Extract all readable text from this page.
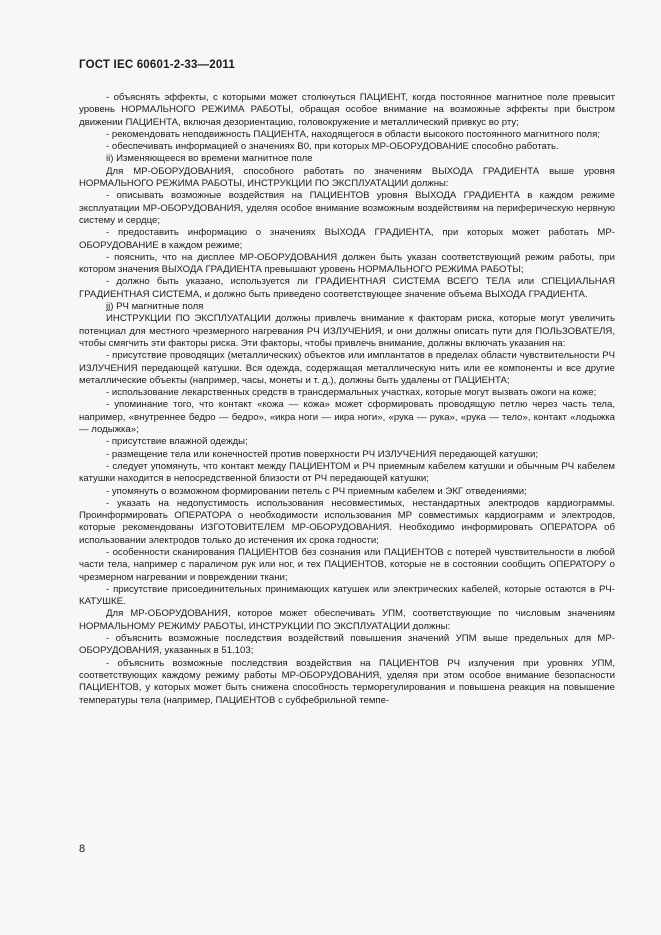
ГОСТ IEC 60601-2-33—2011

- объяснять эффекты, с которыми может столкнуться ПАЦИЕНТ, когда постоянное магнитное поле превысит уровень НОРМАЛЬНОГО РЕЖИМА РАБОТЫ, обращая особое внимание на возможные эффекты при быстром движении ПАЦИЕНТА, включая дезориентацию, головокружение и металлический привкус во рту;

- рекомендовать неподвижность ПАЦИЕНТА, находящегося в области высокого постоянного магнитного поля;

- обеспечивать информацией о значениях B0, при которых МР-ОБОРУДОВАНИЕ способно работать.

ii) Изменяющееся во времени магнитное поле

Для МР-ОБОРУДОВАНИЯ, способного работать по значениям ВЫХОДА ГРАДИЕНТА выше уровня НОРМАЛЬНОГО РЕЖИМА РАБОТЫ, ИНСТРУКЦИИ ПО ЭКСПЛУАТАЦИИ должны:

- описывать возможные воздействия на ПАЦИЕНТОВ уровня ВЫХОДА ГРАДИЕНТА в каждом режиме эксплуатации МР-ОБОРУДОВАНИЯ, уделяя особое внимание возможным воздействиям на периферическую нервную систему и сердце;

- предоставить информацию о значениях ВЫХОДА ГРАДИЕНТА, при которых может работать МР-ОБОРУДОВАНИЕ в каждом режиме;

- пояснить, что на дисплее МР-ОБОРУДОВАНИЯ должен быть указан соответствующий режим работы, при котором значения ВЫХОДА ГРАДИЕНТА превышают уровень НОРМАЛЬНОГО РЕЖИМА РАБОТЫ;

- должно быть указано, используется ли ГРАДИЕНТНАЯ СИСТЕМА ВСЕГО ТЕЛА или СПЕЦИАЛЬНАЯ ГРАДИЕНТНАЯ СИСТЕМА, и должно быть приведено соответствующее значение объема ВЫХОДА ГРАДИЕНТА.

jj) РЧ магнитные поля

ИНСТРУКЦИИ ПО ЭКСПЛУАТАЦИИ должны привлечь внимание к факторам риска, которые могут увеличить потенциал для местного чрезмерного нагревания РЧ ИЗЛУЧЕНИЯ, и они должны описать пути для ПОЛЬЗОВАТЕЛЯ, чтобы смягчить эти факторы риска. Эти факторы, чтобы привлечь внимание, должны включать указания на:

- присутствие проводящих (металлических) объектов или имплантатов в пределах области чувствительности РЧ ИЗЛУЧЕНИЯ передающей катушки. Вся одежда, содержащая металлическую нить или ее компоненты и все другие металлические объекты (например, часы, монеты и т. д.), должны быть удалены от ПАЦИЕНТА;

- использование лекарственных средств в трансдермальных участках, которые могут вызвать ожоги на коже;

- упоминание того, что контакт «кожа — кожа» может сформировать проводящую петлю через часть тела, например, «внутреннее бедро — бедро», «икра ноги — икра ноги», «рука — рука», «рука — тело», контакт «лодыжка — лодыжка»;

- присутствие влажной одежды;

- размещение тела или конечностей против поверхности РЧ ИЗЛУЧЕНИЯ передающей катушки;

- следует упомянуть, что контакт между ПАЦИЕНТОМ и РЧ приемным кабелем катушки и обычным РЧ кабелем катушки находится в непосредственной близости от РЧ передающей катушки;

- упомянуть о возможном формировании петель с РЧ приемным кабелем и ЭКГ отведениями;

- указать на недопустимость использования несовместимых, нестандартных электродов кардиограммы. Проинформировать ОПЕРАТОРА о необходимости использования МР совместимых кардиограмм и электродов, которые рекомендованы ИЗГОТОВИТЕЛЕМ МР-ОБОРУДОВАНИЯ. Необходимо информировать ОПЕРАТОРА об использовании электродов только до истечения их срока годности;

- особенности сканирования ПАЦИЕНТОВ без сознания или ПАЦИЕНТОВ с потерей чувствительности в любой части тела, например с параличом рук или ног, и тех ПАЦИЕНТОВ, которые не в состоянии сообщить ОПЕРАТОРУ о чрезмерном нагревании и повреждении ткани;

- присутствие присоединительных принимающих катушек или электрических кабелей, которые остаются в РЧ-КАТУШКЕ.

Для МР-ОБОРУДОВАНИЯ, которое может обеспечивать УПМ, соответствующие по числовым значениям НОРМАЛЬНОМУ РЕЖИМУ РАБОТЫ, ИНСТРУКЦИИ ПО ЭКСПЛУАТАЦИИ должны:

- объяснить возможные последствия воздействий повышения значений УПМ выше предельных для МР-ОБОРУДОВАНИЯ, указанных в 51.103;

- объяснить возможные последствия воздействия на ПАЦИЕНТОВ РЧ излучения при уровнях УПМ, соответствующих каждому режиму работы МР-ОБОРУДОВАНИЯ, уделяя при этом особое внимание безопасности ПАЦИЕНТОВ, у которых может быть снижена способность терморегулирования и повышена реакция на повышение температуры тела (например, ПАЦИЕНТОВ с субфебрильной темпе-

8
